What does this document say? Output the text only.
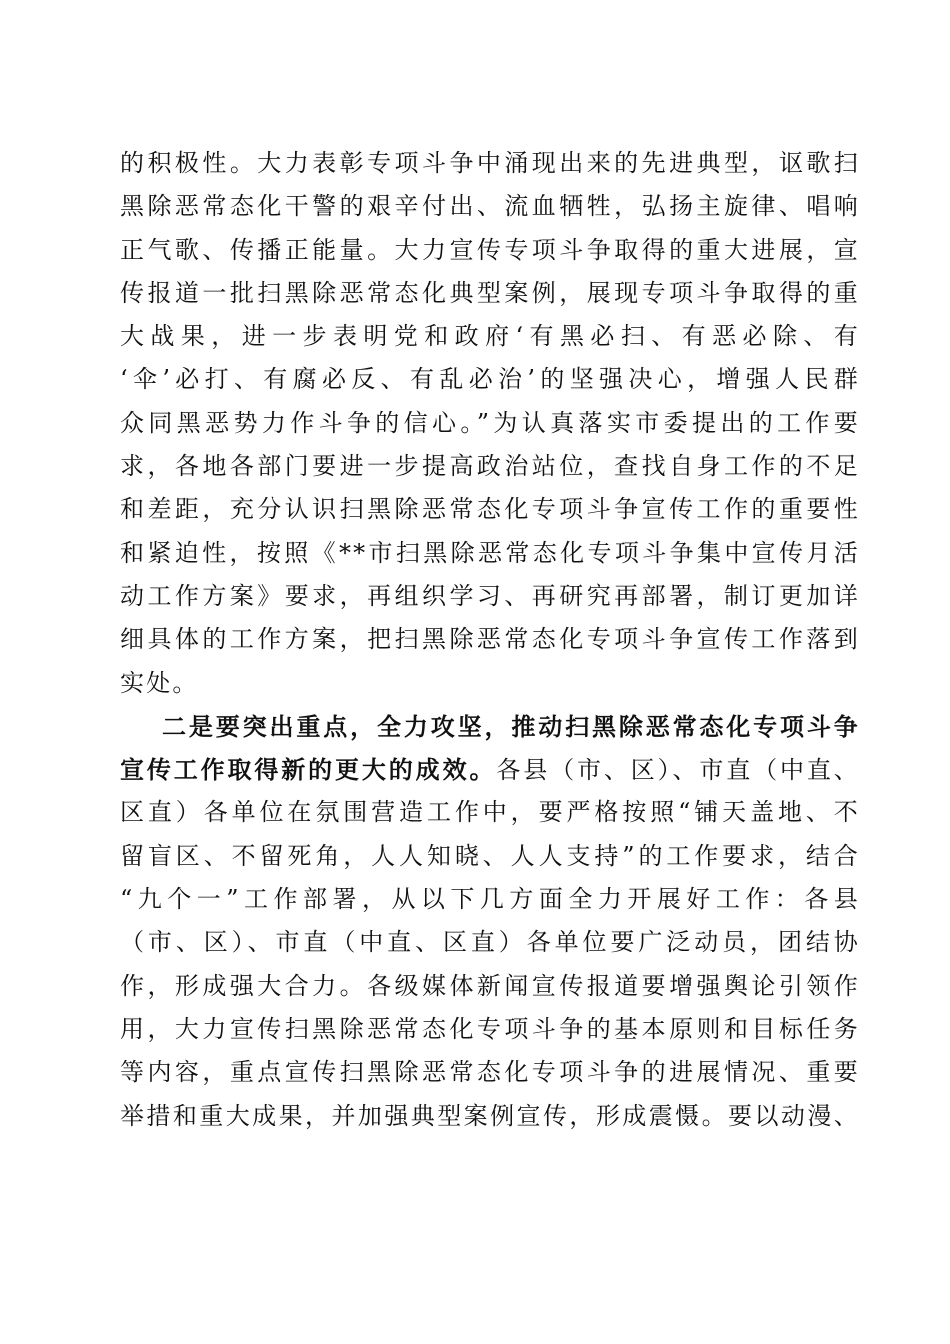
的积极性。大力表彰专项斗争中涌现出来的先进典型，讴歌扫
黑除恶常态化干警的艰辛付出、流血牺牲，弘扬主旋律、唱响
正气歌、传播正能量。大力宣传专项斗争取得的重大进展，宣
传报道一批扫黑除恶常态化典型案例，展现专项斗争取得的重
大战果，进一步表明党和政府‘有黑必扫、有恶必除、有
‘伞’必打、有腐必反、有乱必治’的坚强决心，增强人民群
众同黑恶势力作斗争的信心。”为认真落实市委提出的工作要
求，各地各部门要进一步提高政治站位，查找自身工作的不足
和差距，充分认识扫黑除恶常态化专项斗争宣传工作的重要性
和紧迫性，按照《**市扫黑除恶常态化专项斗争集中宣传月活
动工作方案》要求，再组织学习、再研究再部署，制订更加详
细具体的工作方案，把扫黑除恶常态化专项斗争宣传工作落到
实处。
二是要突出重点，全力攻坚，推动扫黑除恶常态化专项斗争
宣传工作取得新的更大的成效。各县（市、区）、市直（中直、
区直）各单位在氛围营造工作中，要严格按照“铺天盖地、不
留盲区、不留死角，人人知晓、人人支持”的工作要求，结合
“九个一”工作部署，从以下几方面全力开展好工作：各县
（市、区）、市直（中直、区直）各单位要广泛动员，团结协
作，形成强大合力。各级媒体新闻宣传报道要增强舆论引领作
用，大力宣传扫黑除恶常态化专项斗争的基本原则和目标任务
等内容，重点宣传扫黑除恶常态化专项斗争的进展情况、重要
举措和重大成果，并加强典型案例宣传，形成震慑。要以动漫、
